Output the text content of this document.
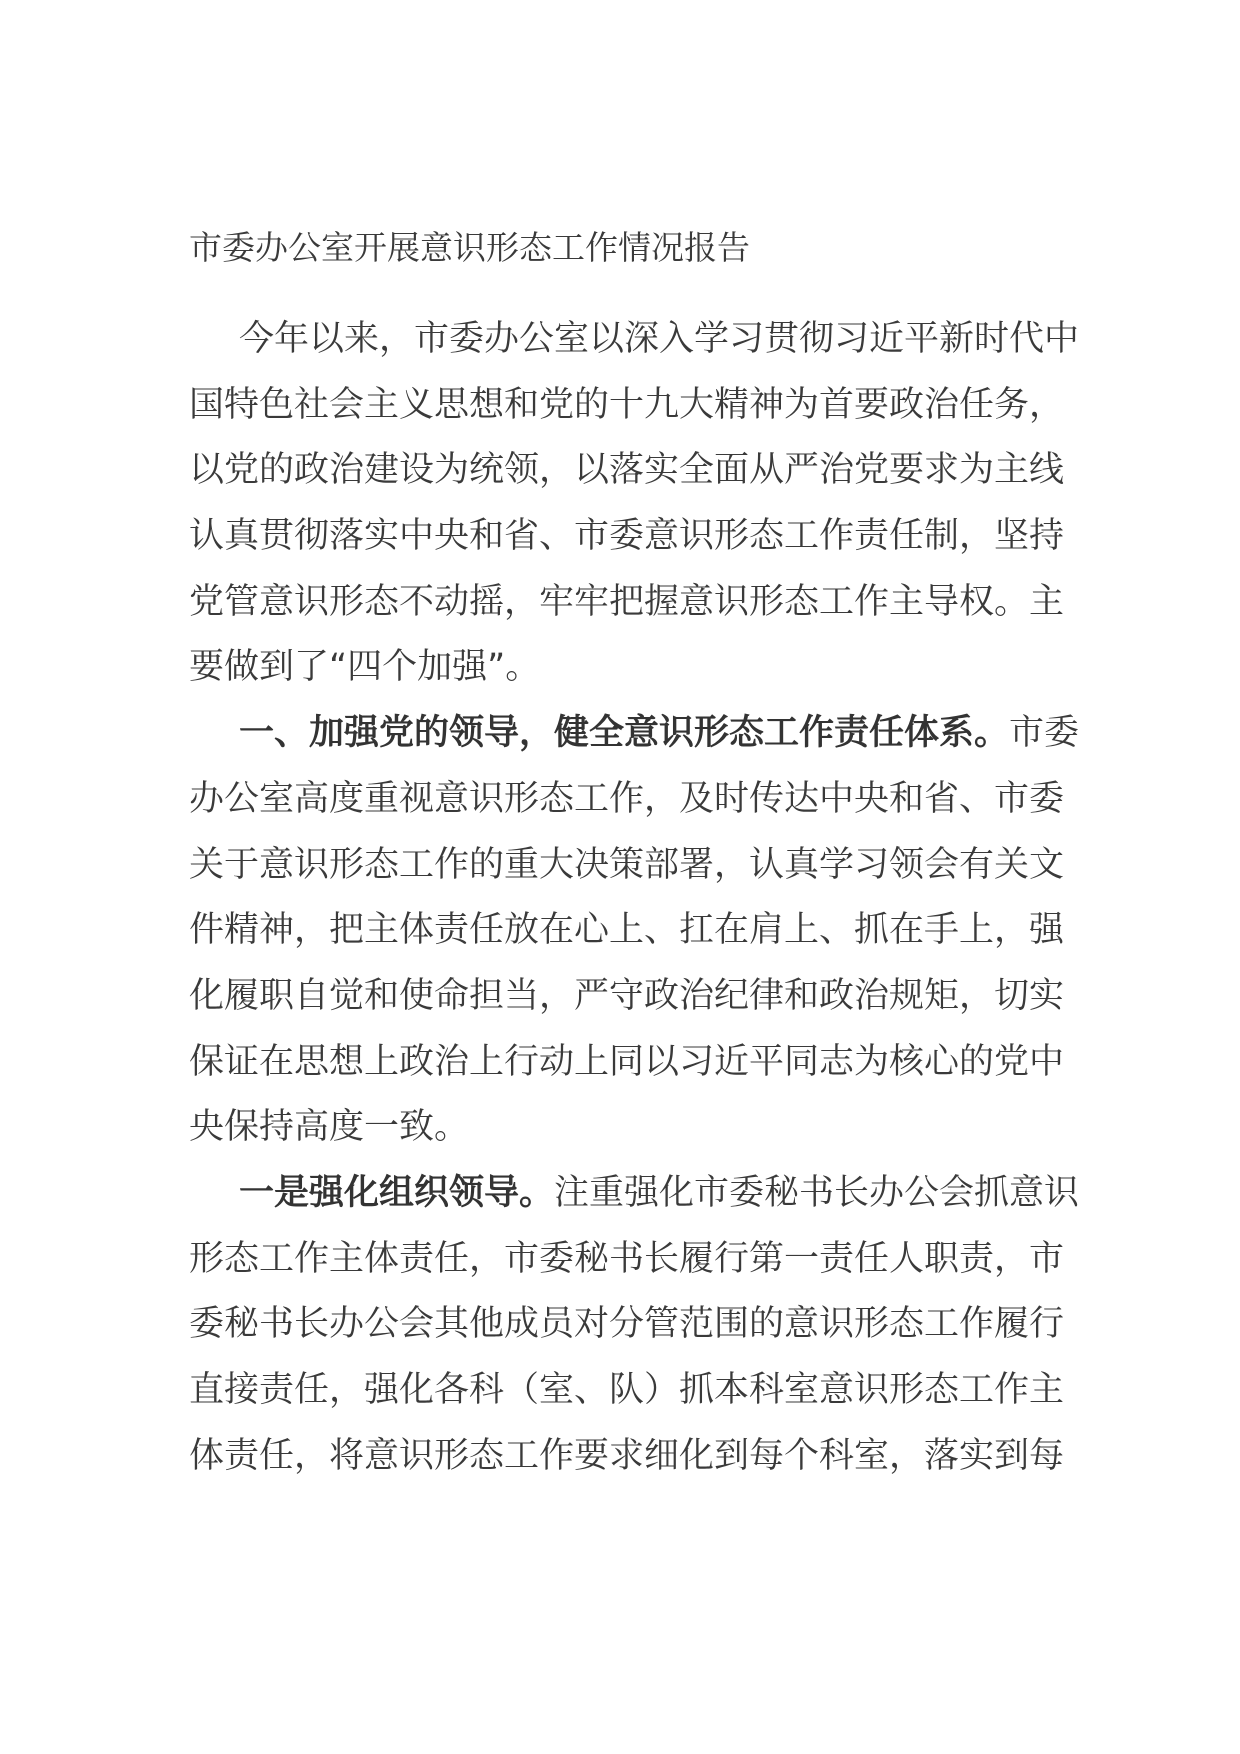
市委办公室开展意识形态工作情况报告
今年以来，市委办公室以深入学习贯彻习近平新时代中
国特色社会主义思想和党的十九大精神为首要政治任务，
以党的政治建设为统领，以落实全面从严治党要求为主线
认真贯彻落实中央和省、市委意识形态工作责任制，坚持
党管意识形态不动摇，牢牢把握意识形态工作主导权。主
要做到了“四个加强”。
一、加强党的领导，健全意识形态工作责任体系。市委
办公室高度重视意识形态工作，及时传达中央和省、市委
关于意识形态工作的重大决策部署，认真学习领会有关文
件精神，把主体责任放在心上、扛在肩上、抓在手上，强
化履职自觉和使命担当，严守政治纪律和政治规矩，切实
保证在思想上政治上行动上同以习近平同志为核心的党中
央保持高度一致。
一是强化组织领导。注重强化市委秘书长办公会抓意识
形态工作主体责任，市委秘书长履行第一责任人职责，市
委秘书长办公会其他成员对分管范围的意识形态工作履行
直接责任，强化各科（室、队）抓本科室意识形态工作主
体责任，将意识形态工作要求细化到每个科室，落实到每
